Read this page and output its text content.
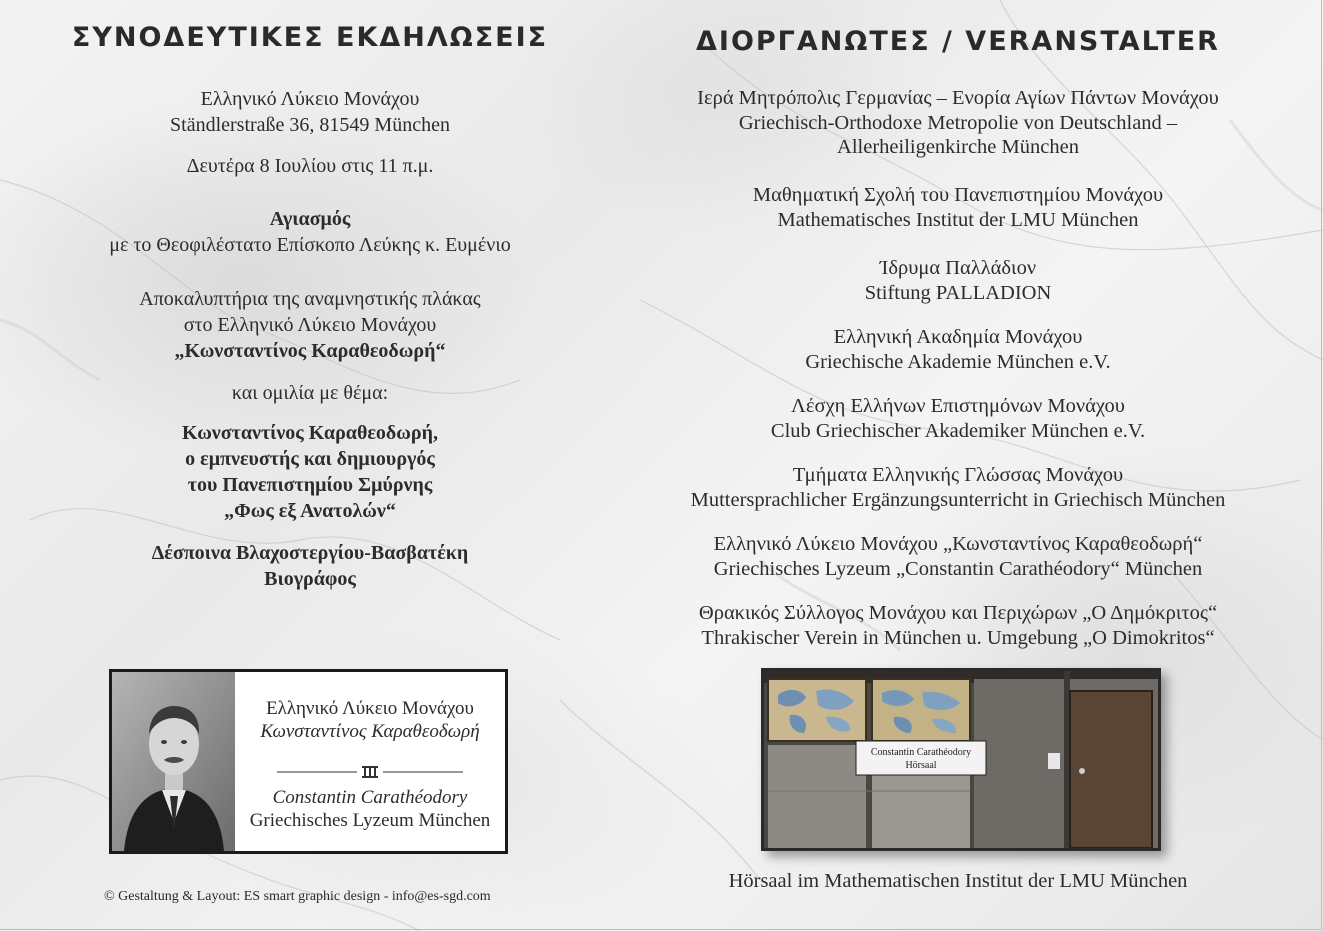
ΣΥΝΟΔΕΥΤΙΚΕΣ ΕΚΔΗΛΩΣΕΙΣ
Ελληνικό Λύκειο Μονάχου
Ständlerstraße 36, 81549 München
Δευτέρα 8 Ιουλίου στις 11 π.μ.
Αγιασμός
με το Θεοφιλέστατο Επίσκοπο Λεύκης κ. Ευμένιο
Αποκαλυπτήρια της αναμνηστικής πλάκας
στο Ελληνικό Λύκειο Μονάχου
„Κωνσταντίνος Καραθεοδωρή“
και ομιλία με θέμα:
Κωνσταντίνος Καραθεοδωρή,
ο εμπνευστής και δημιουργός
του Πανεπιστημίου Σμύρνης
„Φως εξ Ανατολών“
Δέσποινα Βλαχοστεργίου-Βασβατέκη
Βιογράφος
Ελληνικό Λύκειο Μονάχου
Κωνσταντίνος Καραθεοδωρή
Constantin Carathéodory
Griechisches Lyzeum München
© Gestaltung & Layout: ES smart graphic design - info@es-sgd.com
ΔΙΟΡΓΑΝΩΤΕΣ / VERANSTALTER
Ιερά Μητρόπολις Γερμανίας – Ενορία Αγίων Πάντων Μονάχου
Griechisch-Orthodoxe Metropolie von Deutschland –
Allerheiligenkirche München
Μαθηματική Σχολή του Πανεπιστημίου Μονάχου
Mathematisches Institut der LMU München
Ίδρυμα Παλλάδιον
Stiftung PALLADION
Ελληνική Ακαδημία Μονάχου
Griechische Akademie München e.V.
Λέσχη Ελλήνων Επιστημόνων Μονάχου
Club Griechischer Akademiker München e.V.
Τμήματα Ελληνικής Γλώσσας Μονάχου
Muttersprachlicher Ergänzungsunterricht in Griechisch München
Ελληνικό Λύκειο Μονάχου „Κωνσταντίνος Καραθεοδωρή“
Griechisches Lyzeum „Constantin Carathéodory“ München
Θρακικός Σύλλογος Μονάχου και Περιχώρων „Ο Δημόκριτος“
Thrakischer Verein in München u. Umgebung „O Dimokritos“
Constantin Carathéodory
Hörsaal
Hörsaal im Mathematischen Institut der LMU München
